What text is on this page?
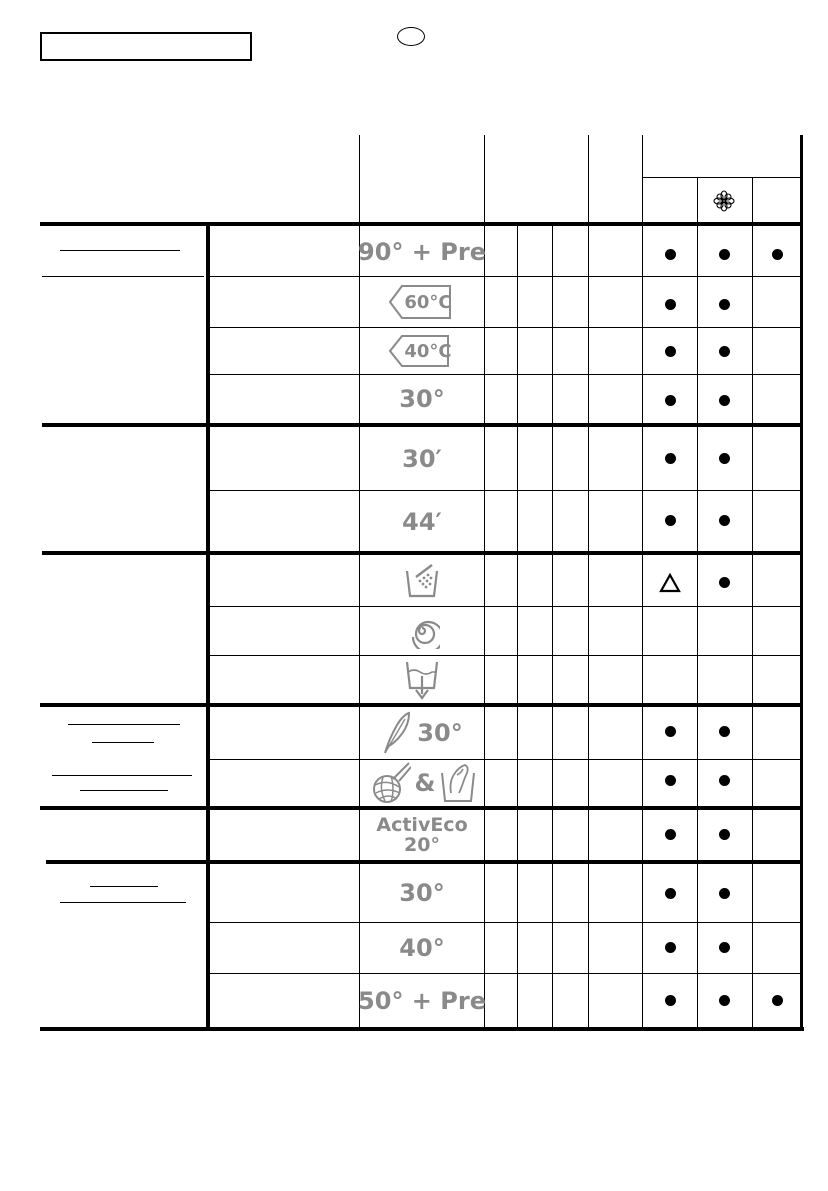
90° + Pre
60°C
40°C
30°
30′
44′
30°
&
ActivEco
20°
30°
40°
50° + Pre
